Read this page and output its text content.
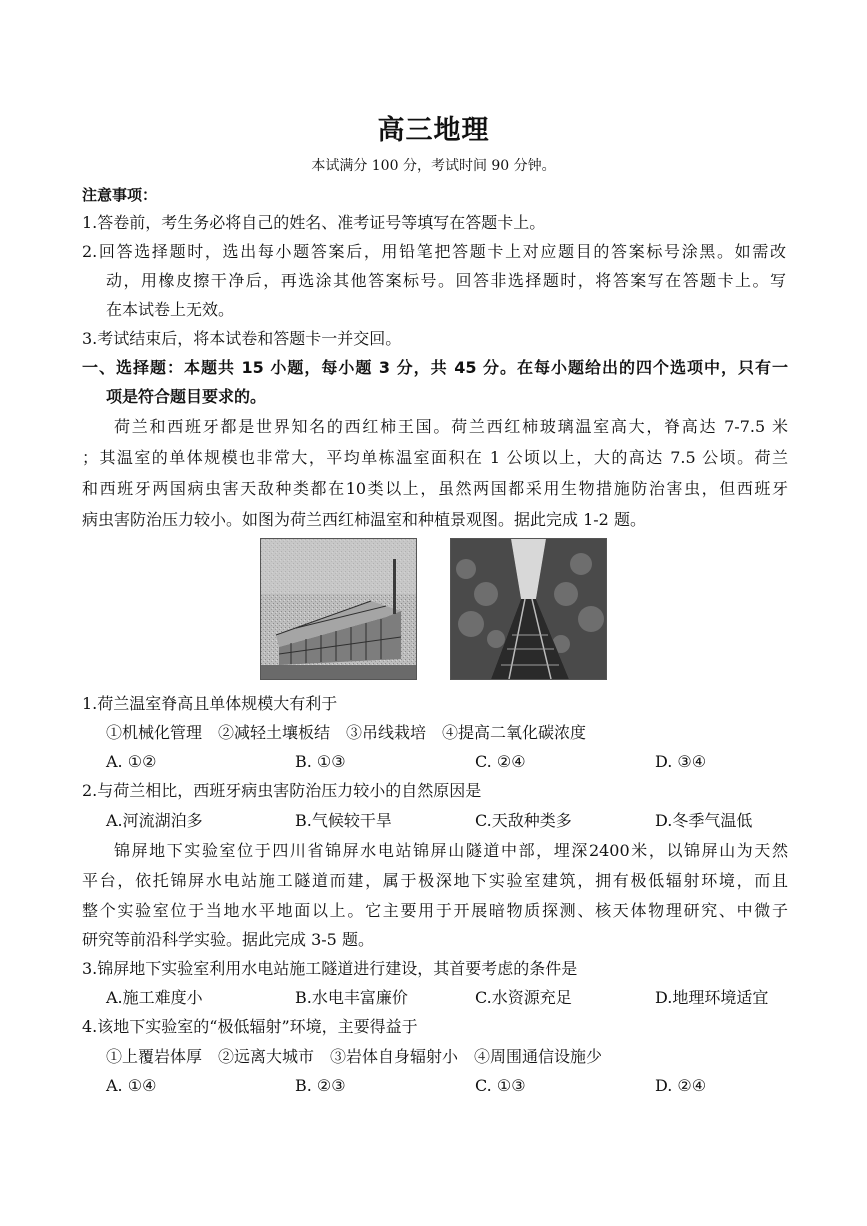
高三地理
本试满分 100 分，考试时间 90 分钟。
注意事项：
1.答卷前，考生务必将自己的姓名、准考证号等填写在答题卡上。
2.回答选择题时，选出每小题答案后，用铅笔把答题卡上对应题目的答案标号涂黑。如需改
动，用橡皮擦干净后，再选涂其他答案标号。回答非选择题时，将答案写在答题卡上。写
在本试卷上无效。
3.考试结束后，将本试卷和答题卡一并交回。
一、选择题：本题共 15 小题，每小题 3 分，共 45 分。在每小题给出的四个选项中，只有一
项是符合题目要求的。
荷兰和西班牙都是世界知名的西红柿王国。荷兰西红柿玻璃温室高大，脊高达 7-7.5 米
；其温室的单体规模也非常大，平均单栋温室面积在 1 公顷以上，大的高达 7.5 公顷。荷兰
和西班牙两国病虫害天敌种类都在10类以上，虽然两国都采用生物措施防治害虫，但西班牙
病虫害防治压力较小。如图为荷兰西红柿温室和种植景观图。据此完成 1-2 题。
1.荷兰温室脊高且单体规模大有利于
①机械化管理　②减轻土壤板结　③吊线栽培　④提高二氧化碳浓度
A. ①②	B. ①③	C. ②④	D. ③④
2.与荷兰相比，西班牙病虫害防治压力较小的自然原因是
A.河流湖泊多	B.气候较干旱	C.天敌种类多	D.冬季气温低
锦屏地下实验室位于四川省锦屏水电站锦屏山隧道中部，埋深2400米，以锦屏山为天然
平台，依托锦屏水电站施工隧道而建，属于极深地下实验室建筑，拥有极低辐射环境，而且
整个实验室位于当地水平地面以上。它主要用于开展暗物质探测、核天体物理研究、中微子
研究等前沿科学实验。据此完成 3-5 题。
3.锦屏地下实验室利用水电站施工隧道进行建设，其首要考虑的条件是
A.施工难度小	B.水电丰富廉价	C.水资源充足	D.地理环境适宜
4.该地下实验室的“极低辐射”环境，主要得益于
①上覆岩体厚　②远离大城市　③岩体自身辐射小　④周围通信设施少
A. ①④	B. ②③	C. ①③	D. ②④
